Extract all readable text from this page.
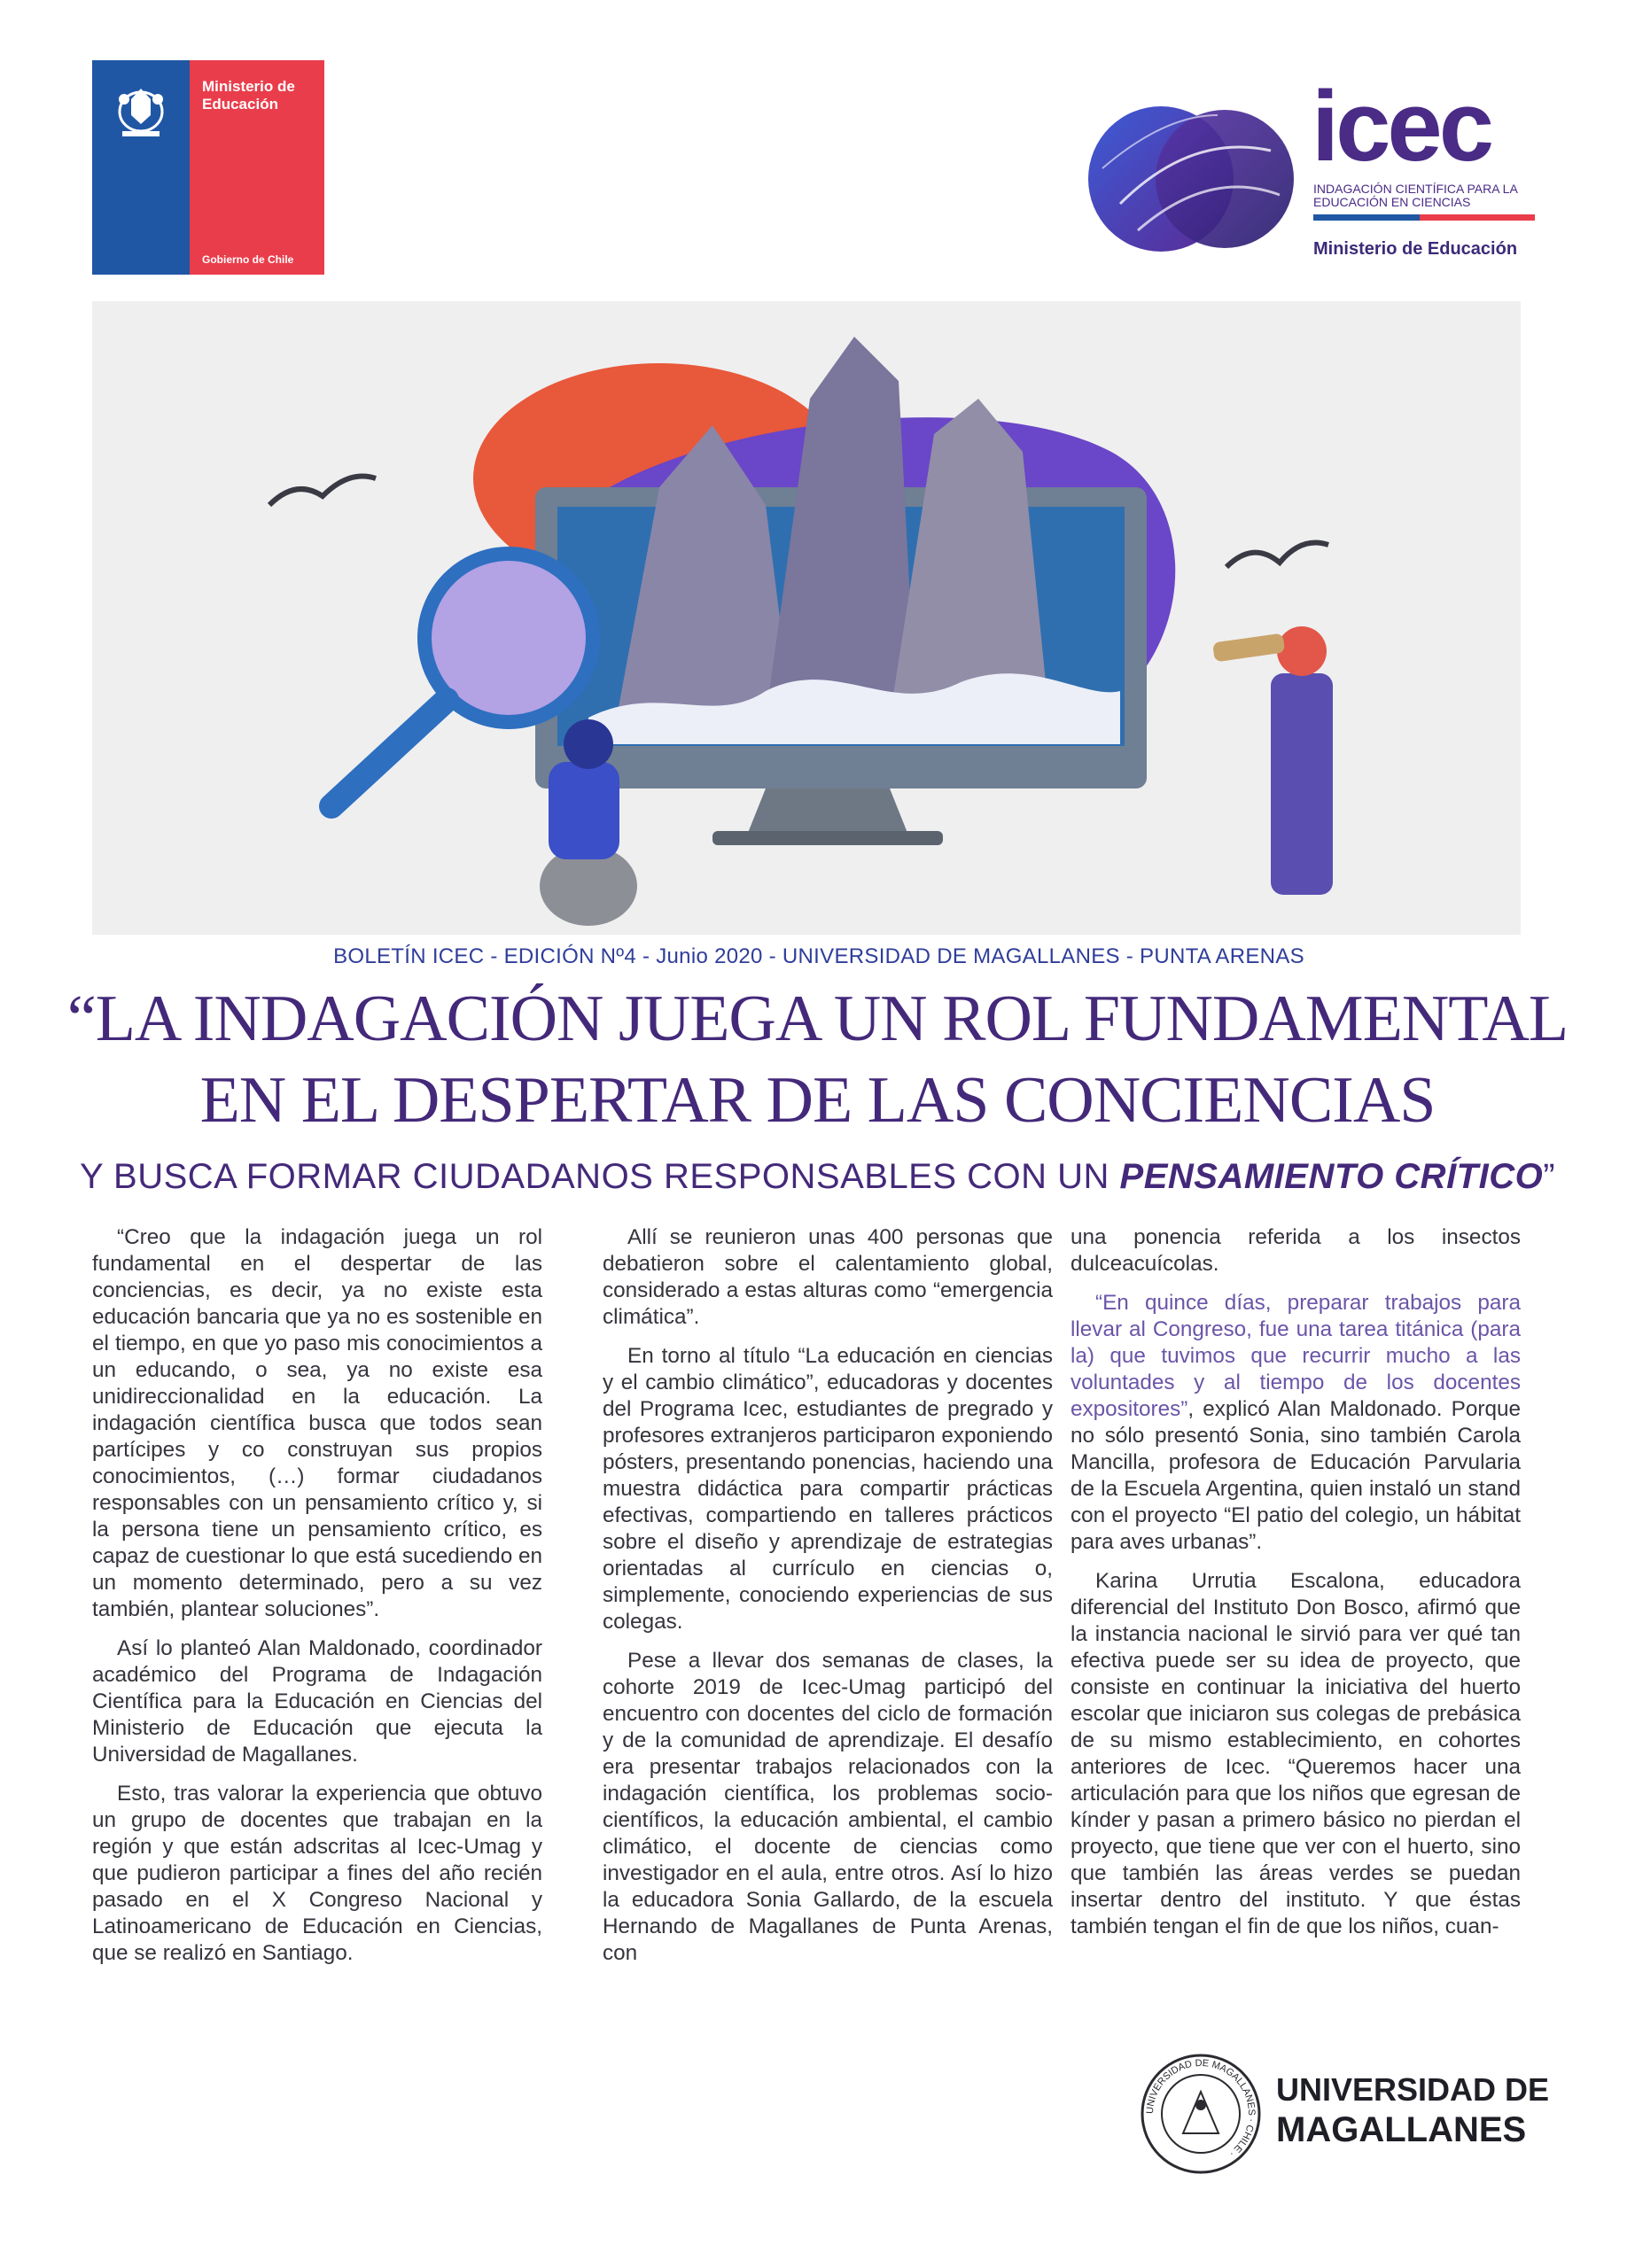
Ministerio de Educación
Gobierno de Chile
icec
INDAGACIÓN CIENTÍFICA PARA LA EDUCACIÓN EN CIENCIAS
Ministerio de Educación
BOLETÍN ICEC - EDICIÓN Nº4 - Junio 2020 - UNIVERSIDAD DE MAGALLANES - PUNTA ARENAS
“LA INDAGACIÓN JUEGA UN ROL FUNDAMENTAL
EN EL DESPERTAR DE LAS CONCIENCIAS
Y BUSCA FORMAR CIUDADANOS RESPONSABLES CON UN PENSAMIENTO CRÍTICO”

“Creo que la indagación juega un rol fundamental en el despertar de las conciencias, es decir, ya no existe esta educación bancaria que ya no es sostenible en el tiempo, en que yo paso mis conocimientos a un educando, o sea, ya no existe esa unidireccionalidad en la educación. La indagación científica busca que todos sean partícipes y co construyan sus propios conocimientos, (…) formar ciudadanos responsables con un pensamiento crítico y, si la persona tiene un pensamiento crítico, es capaz de cuestionar lo que está sucediendo en un momento determinado, pero a su vez también, plantear soluciones”.

Así lo planteó Alan Maldonado, coordinador académico del Programa de Indagación Científica para la Educación en Ciencias del Ministerio de Educación que ejecuta la Universidad de Magallanes.

Esto, tras valorar la experiencia que obtuvo un grupo de docentes que trabajan en la región y que están adscritas al Icec-Umag y que pudieron participar a fines del año recién pasado en el X Congreso Nacional y Latinoamericano de Educación en Ciencias, que se realizó en Santiago.

Allí se reunieron unas 400 personas que debatieron sobre el calentamiento global, considerado a estas alturas como “emergencia climática”.

En torno al título “La educación en ciencias y el cambio climático”, educadoras y docentes del Programa Icec, estudiantes de pregrado y profesores extranjeros participaron exponiendo pósters, presentando ponencias, haciendo una muestra didáctica para compartir prácticas efectivas, compartiendo en talleres prácticos sobre el diseño y aprendizaje de estrategias orientadas al currículo en ciencias o, simplemente, conociendo experiencias de sus colegas.

Pese a llevar dos semanas de clases, la cohorte 2019 de Icec-Umag participó del encuentro con docentes del ciclo de formación y de la comunidad de aprendizaje. El desafío era presentar trabajos relacionados con la indagación científica, los problemas socio-científicos, la educación ambiental, el cambio climático, el docente de ciencias como investigador en el aula, entre otros. Así lo hizo la educadora Sonia Gallardo, de la escuela Hernando de Magallanes de Punta Arenas, con

una ponencia referida a los insectos dulceacuícolas.

“En quince días, preparar trabajos para llevar al Congreso, fue una tarea titánica (para la) que tuvimos que recurrir mucho a las voluntades y al tiempo de los docentes expositores”, explicó Alan Maldonado. Porque no sólo presentó Sonia, sino también Carola Mancilla, profesora de Educación Parvularia de la Escuela Argentina, quien instaló un stand con el proyecto “El patio del colegio, un hábitat para aves urbanas”.

Karina Urrutia Escalona, educadora diferencial del Instituto Don Bosco, afirmó que la instancia nacional le sirvió para ver qué tan efectiva puede ser su idea de proyecto, que consiste en continuar la iniciativa del huerto escolar que iniciaron sus colegas de prebásica de su mismo establecimiento, en cohortes anteriores de Icec. “Queremos hacer una articulación para que los niños que egresan de kínder y pasan a primero básico no pierdan el proyecto, que tiene que ver con el huerto, sino que también las áreas verdes se puedan insertar dentro del instituto. Y que éstas también tengan el fin de que los niños, cuan-

UNIVERSIDAD DE MAGALLANES · CHILE ·
UNIVERSIDAD DE
MAGALLANES
